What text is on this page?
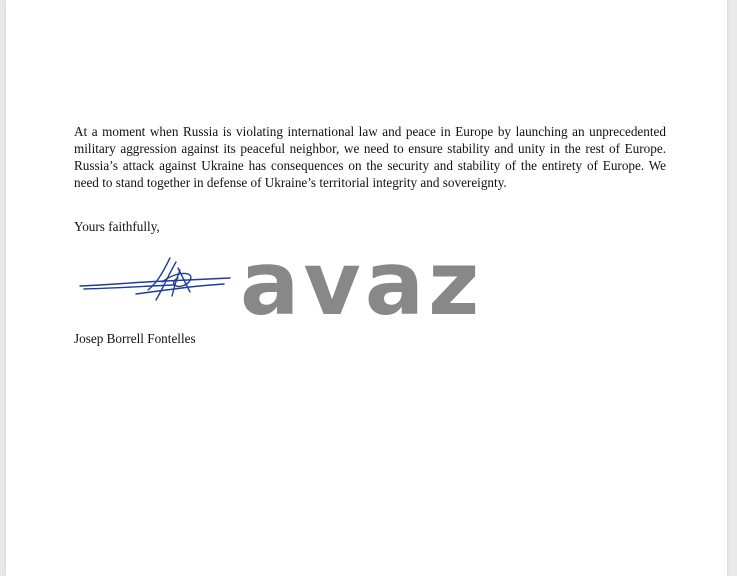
At a moment when Russia is violating international law and peace in Europe by launching an unprecedented military aggression against its peaceful neighbor, we need to ensure stability and unity in the rest of Europe. Russia’s attack against Ukraine has consequences on the security and stability of the entirety of Europe. We need to stand together in defense of Ukraine’s territorial integrity and sovereignty.

Yours faithfully,

avaz

Josep Borrell Fontelles
